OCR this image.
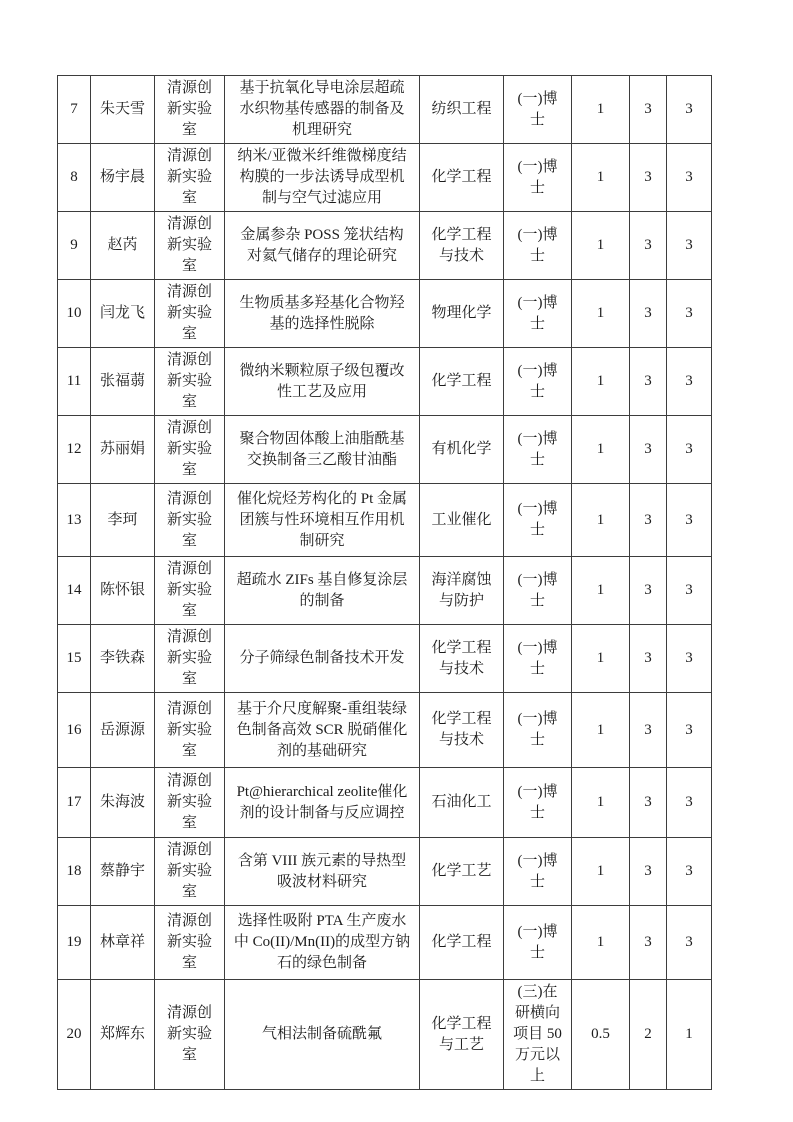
7	朱天雪	清源创新实验室	基于抗氧化导电涂层超疏水织物基传感器的制备及机理研究	纺织工程	(一)博士	1	3	3
8	杨宇晨	清源创新实验室	纳米/亚微米纤维微梯度结构膜的一步法诱导成型机制与空气过滤应用	化学工程	(一)博士	1	3	3
9	赵芮	清源创新实验室	金属参杂 POSS 笼状结构对氦气储存的理论研究	化学工程与技术	(一)博士	1	3	3
10	闫龙飞	清源创新实验室	生物质基多羟基化合物羟基的选择性脱除	物理化学	(一)博士	1	3	3
11	张福蒻	清源创新实验室	微纳米颗粒原子级包覆改性工艺及应用	化学工程	(一)博士	1	3	3
12	苏丽娟	清源创新实验室	聚合物固体酸上油脂酰基交换制备三乙酸甘油酯	有机化学	(一)博士	1	3	3
13	李珂	清源创新实验室	催化烷烃芳构化的 Pt 金属团簇与性环境相互作用机制研究	工业催化	(一)博士	1	3	3
14	陈怀银	清源创新实验室	超疏水 ZIFs 基自修复涂层的制备	海洋腐蚀与防护	(一)博士	1	3	3
15	李铁森	清源创新实验室	分子筛绿色制备技术开发	化学工程与技术	(一)博士	1	3	3
16	岳源源	清源创新实验室	基于介尺度解聚-重组装绿色制备高效 SCR 脱硝催化剂的基础研究	化学工程与技术	(一)博士	1	3	3
17	朱海波	清源创新实验室	Pt@hierarchical zeolite催化剂的设计制备与反应调控	石油化工	(一)博士	1	3	3
18	蔡静宇	清源创新实验室	含第 VIII 族元素的导热型吸波材料研究	化学工艺	(一)博士	1	3	3
19	林章祥	清源创新实验室	选择性吸附 PTA 生产废水中 Co(II)/Mn(II)的成型方钠石的绿色制备	化学工程	(一)博士	1	3	3
20	郑辉东	清源创新实验室	气相法制备硫酰氟	化学工程与工艺	(三)在研横向项目 50 万元以上	0.5	2	1
